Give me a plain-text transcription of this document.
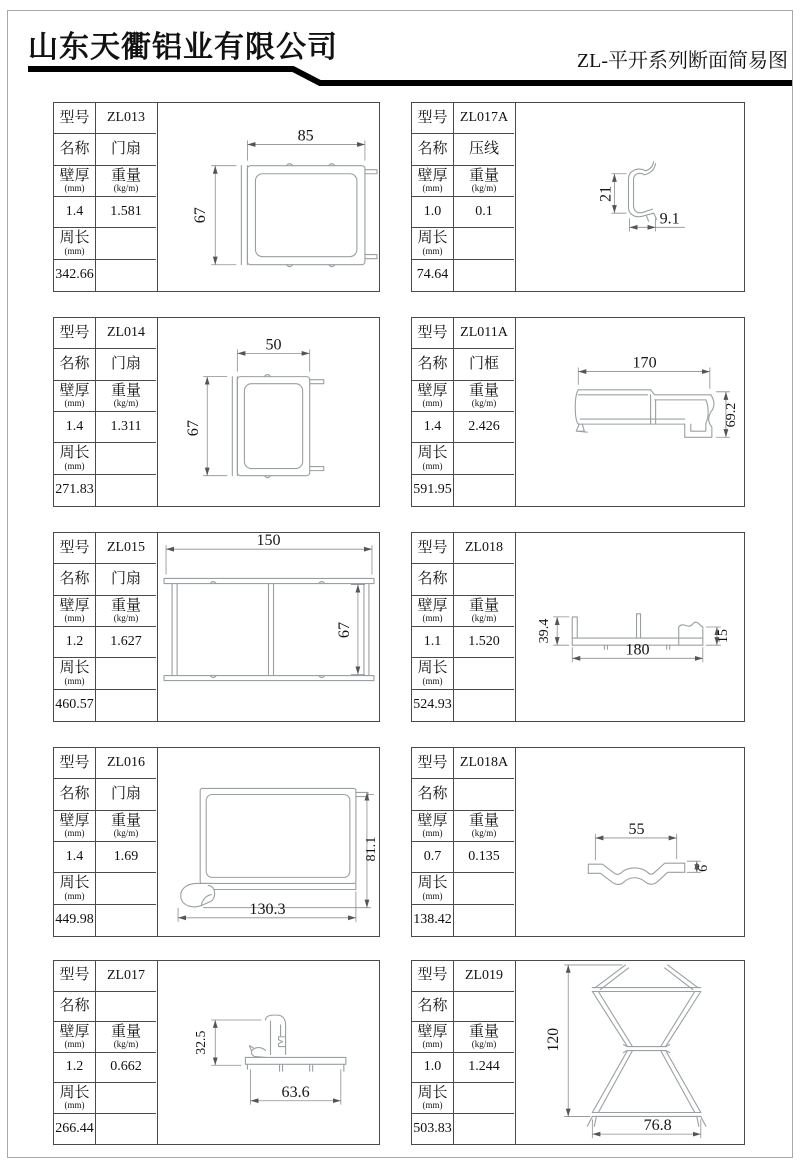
山东天衢铝业有限公司	ZL-平开系列断面简易图
型号 ZL013
名称 门扇
壁厚
(mm)
重量
(kg/m)
1.4 1.581
周长
(mm)
342.66
85
67
型号 ZL017A
名称 压线
壁厚
(mm)
重量
(kg/m)
1.0 0.1
周长
(mm)
74.64
21
9.1
型号 ZL014
名称 门扇
壁厚
(mm)
重量
(kg/m)
1.4 1.311
周长
(mm)
271.83
50
67
型号 ZL011A
名称 门框
壁厚
(mm)
重量
(kg/m)
1.4 2.426
周长
(mm)
591.95
170
69.2
型号 ZL015
名称 门扇
壁厚
(mm)
重量
(kg/m)
1.2 1.627
周长
(mm)
460.57
150
67
型号 ZL018
名称
壁厚
(mm)
重量
(kg/m)
1.1 1.520
周长
(mm)
524.93
39.4
180
15
型号 ZL016
名称 门扇
壁厚
(mm)
重量
(kg/m)
1.4 1.69
周长
(mm)
449.98
81.1
130.3
型号 ZL018A
名称
壁厚
(mm)
重量
(kg/m)
0.7 0.135
周长
(mm)
138.42
55
6
型号 ZL017
名称
壁厚
(mm)
重量
(kg/m)
1.2 0.662
周长
(mm)
266.44
32.5
63.6
型号 ZL019
名称
壁厚
(mm)
重量
(kg/m)
1.0 1.244
周长
(mm)
503.83
120
76.8
